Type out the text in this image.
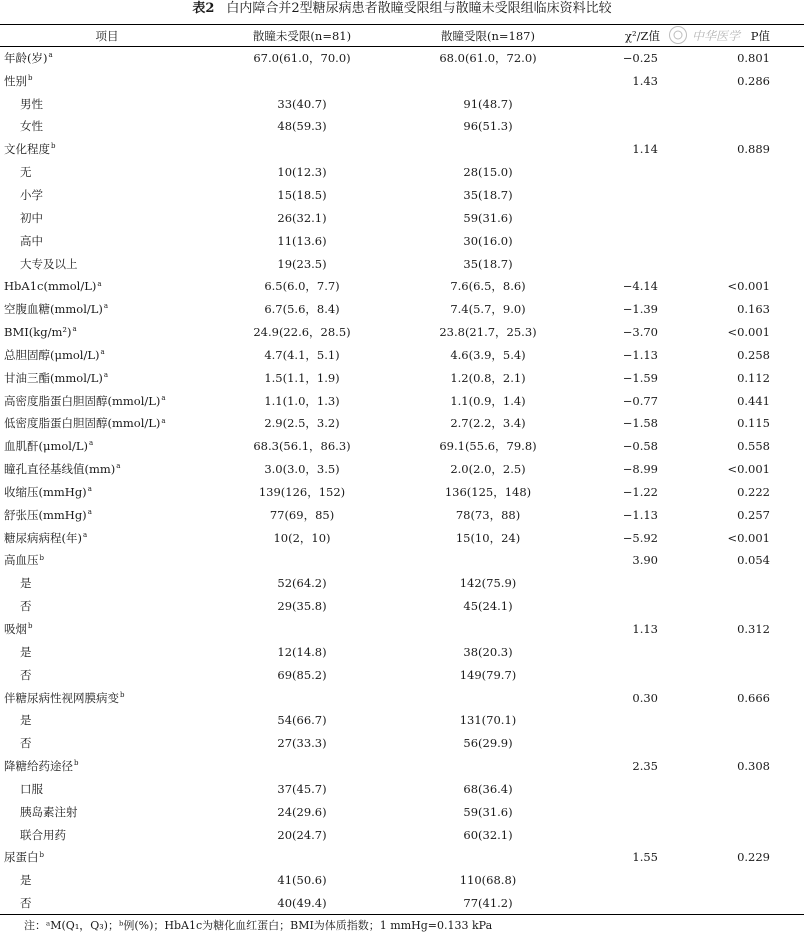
表2 白内障合并2型糖尿病患者散瞳受限组与散瞳未受限组临床资料比较
中华医学
项目	散瞳未受限(n=81)	散瞳受限(n=187)	χ²/Z值	P值
年龄(岁)$^a$	67.0(61.0，70.0)	68.0(61.0，72.0)	−0.25	0.801
性别$^b$			1.43	0.286
男性	33(40.7)	91(48.7)		
女性	48(59.3)	96(51.3)		
文化程度$^b$			1.14	0.889
无	10(12.3)	28(15.0)		
小学	15(18.5)	35(18.7)		
初中	26(32.1)	59(31.6)		
高中	11(13.6)	30(16.0)		
大专及以上	19(23.5)	35(18.7)		
HbA1c(mmol/L)$^a$	6.5(6.0，7.7)	7.6(6.5，8.6)	−4.14	<0.001
空腹血糖(mmol/L)$^a$	6.7(5.6，8.4)	7.4(5.7，9.0)	−1.39	0.163
$BMI(kg/m^2)^a$	24.9(22.6，28.5)	23.8(21.7，25.3)	−3.70	<0.001
总胆固醇$(\mu mol/L)^a$	4.7(4.1，5.1)	4.6(3.9，5.4)	−1.13	0.258
甘油三酯(mmol/L)$^a$	1.5(1.1，1.9)	1.2(0.8，2.1)	−1.59	0.112
高密度脂蛋白胆固醇(mmol/L)$^a$	1.1(1.0，1.3)	1.1(0.9，1.4)	−0.77	0.441
低密度脂蛋白胆固醇(mmol/L)$^a$	2.9(2.5，3.2)	2.7(2.2，3.4)	−1.58	0.115
血肌酐$(\mu mol/L)^a$	68.3(56.1，86.3)	69.1(55.6，79.8)	−0.58	0.558
瞳孔直径基线值(mm)$^a$	3.0(3.0，3.5)	2.0(2.0，2.5)	−8.99	<0.001
收缩压(mmHg)$^a$	139(126，152)	136(125，148)	−1.22	0.222
舒张压(mmHg)$^a$	77(69，85)	78(73，88)	−1.13	0.257
糖尿病病程(年)$^a$	10(2，10)	15(10，24)	−5.92	<0.001
高血压$^b$			3.90	0.054
是	52(64.2)	142(75.9)		
否	29(35.8)	45(24.1)		
吸烟$^b$			1.13	0.312
是	12(14.8)	38(20.3)		
否	69(85.2)	149(79.7)		
伴糖尿病性视网膜病变$^b$			0.30	0.666
是	54(66.7)	131(70.1)		
否	27(33.3)	56(29.9)		
降糖给药途径$^b$			2.35	0.308
口服	37(45.7)	68(36.4)		
胰岛素注射	24(29.6)	59(31.6)		
联合用药	20(24.7)	60(32.1)		
尿蛋白$^b$			1.55	0.229
是	41(50.6)	110(68.8)		
否	40(49.4)	77(41.2)		
注：ᵃM(Q₁，Q₃)；ᵇ例(%)；HbA1c为糖化血红蛋白；BMI为体质指数；1 mmHg=0.133 kPa
